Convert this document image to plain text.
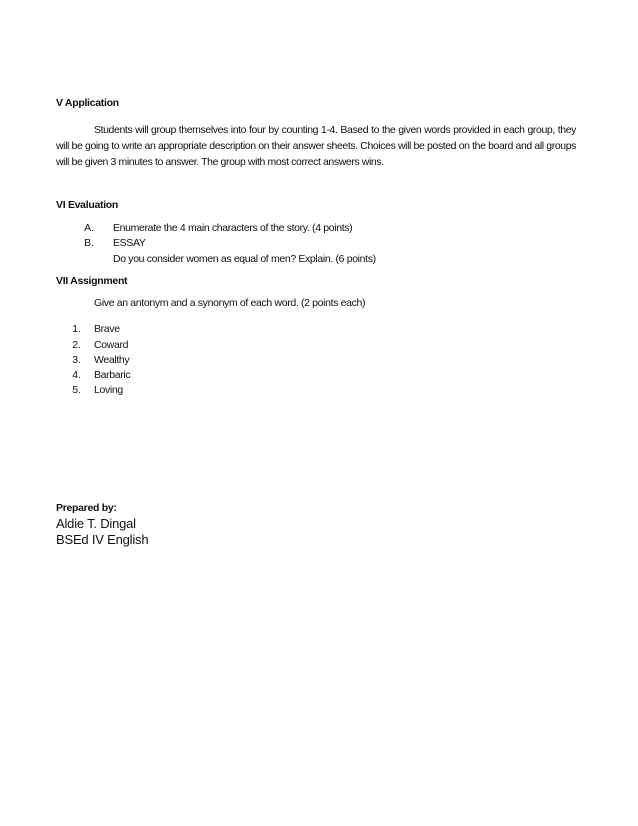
V Application
Students will group themselves into four by counting 1-4. Based to the given words provided in each group, they will be going to write an appropriate description on their answer sheets. Choices will be posted on the board and all groups will be given 3 minutes to answer. The group with most correct answers wins.
VI Evaluation
A. Enumerate the 4 main characters of the story. (4 points)
B. ESSAY
Do you consider women as equal of men? Explain. (6 points)
VII Assignment
Give an antonym and a synonym of each word. (2 points each)
1. Brave
2. Coward
3. Wealthy
4. Barbaric
5. Loving
Prepared by:
Aldie T. Dingal
BSEd IV English
